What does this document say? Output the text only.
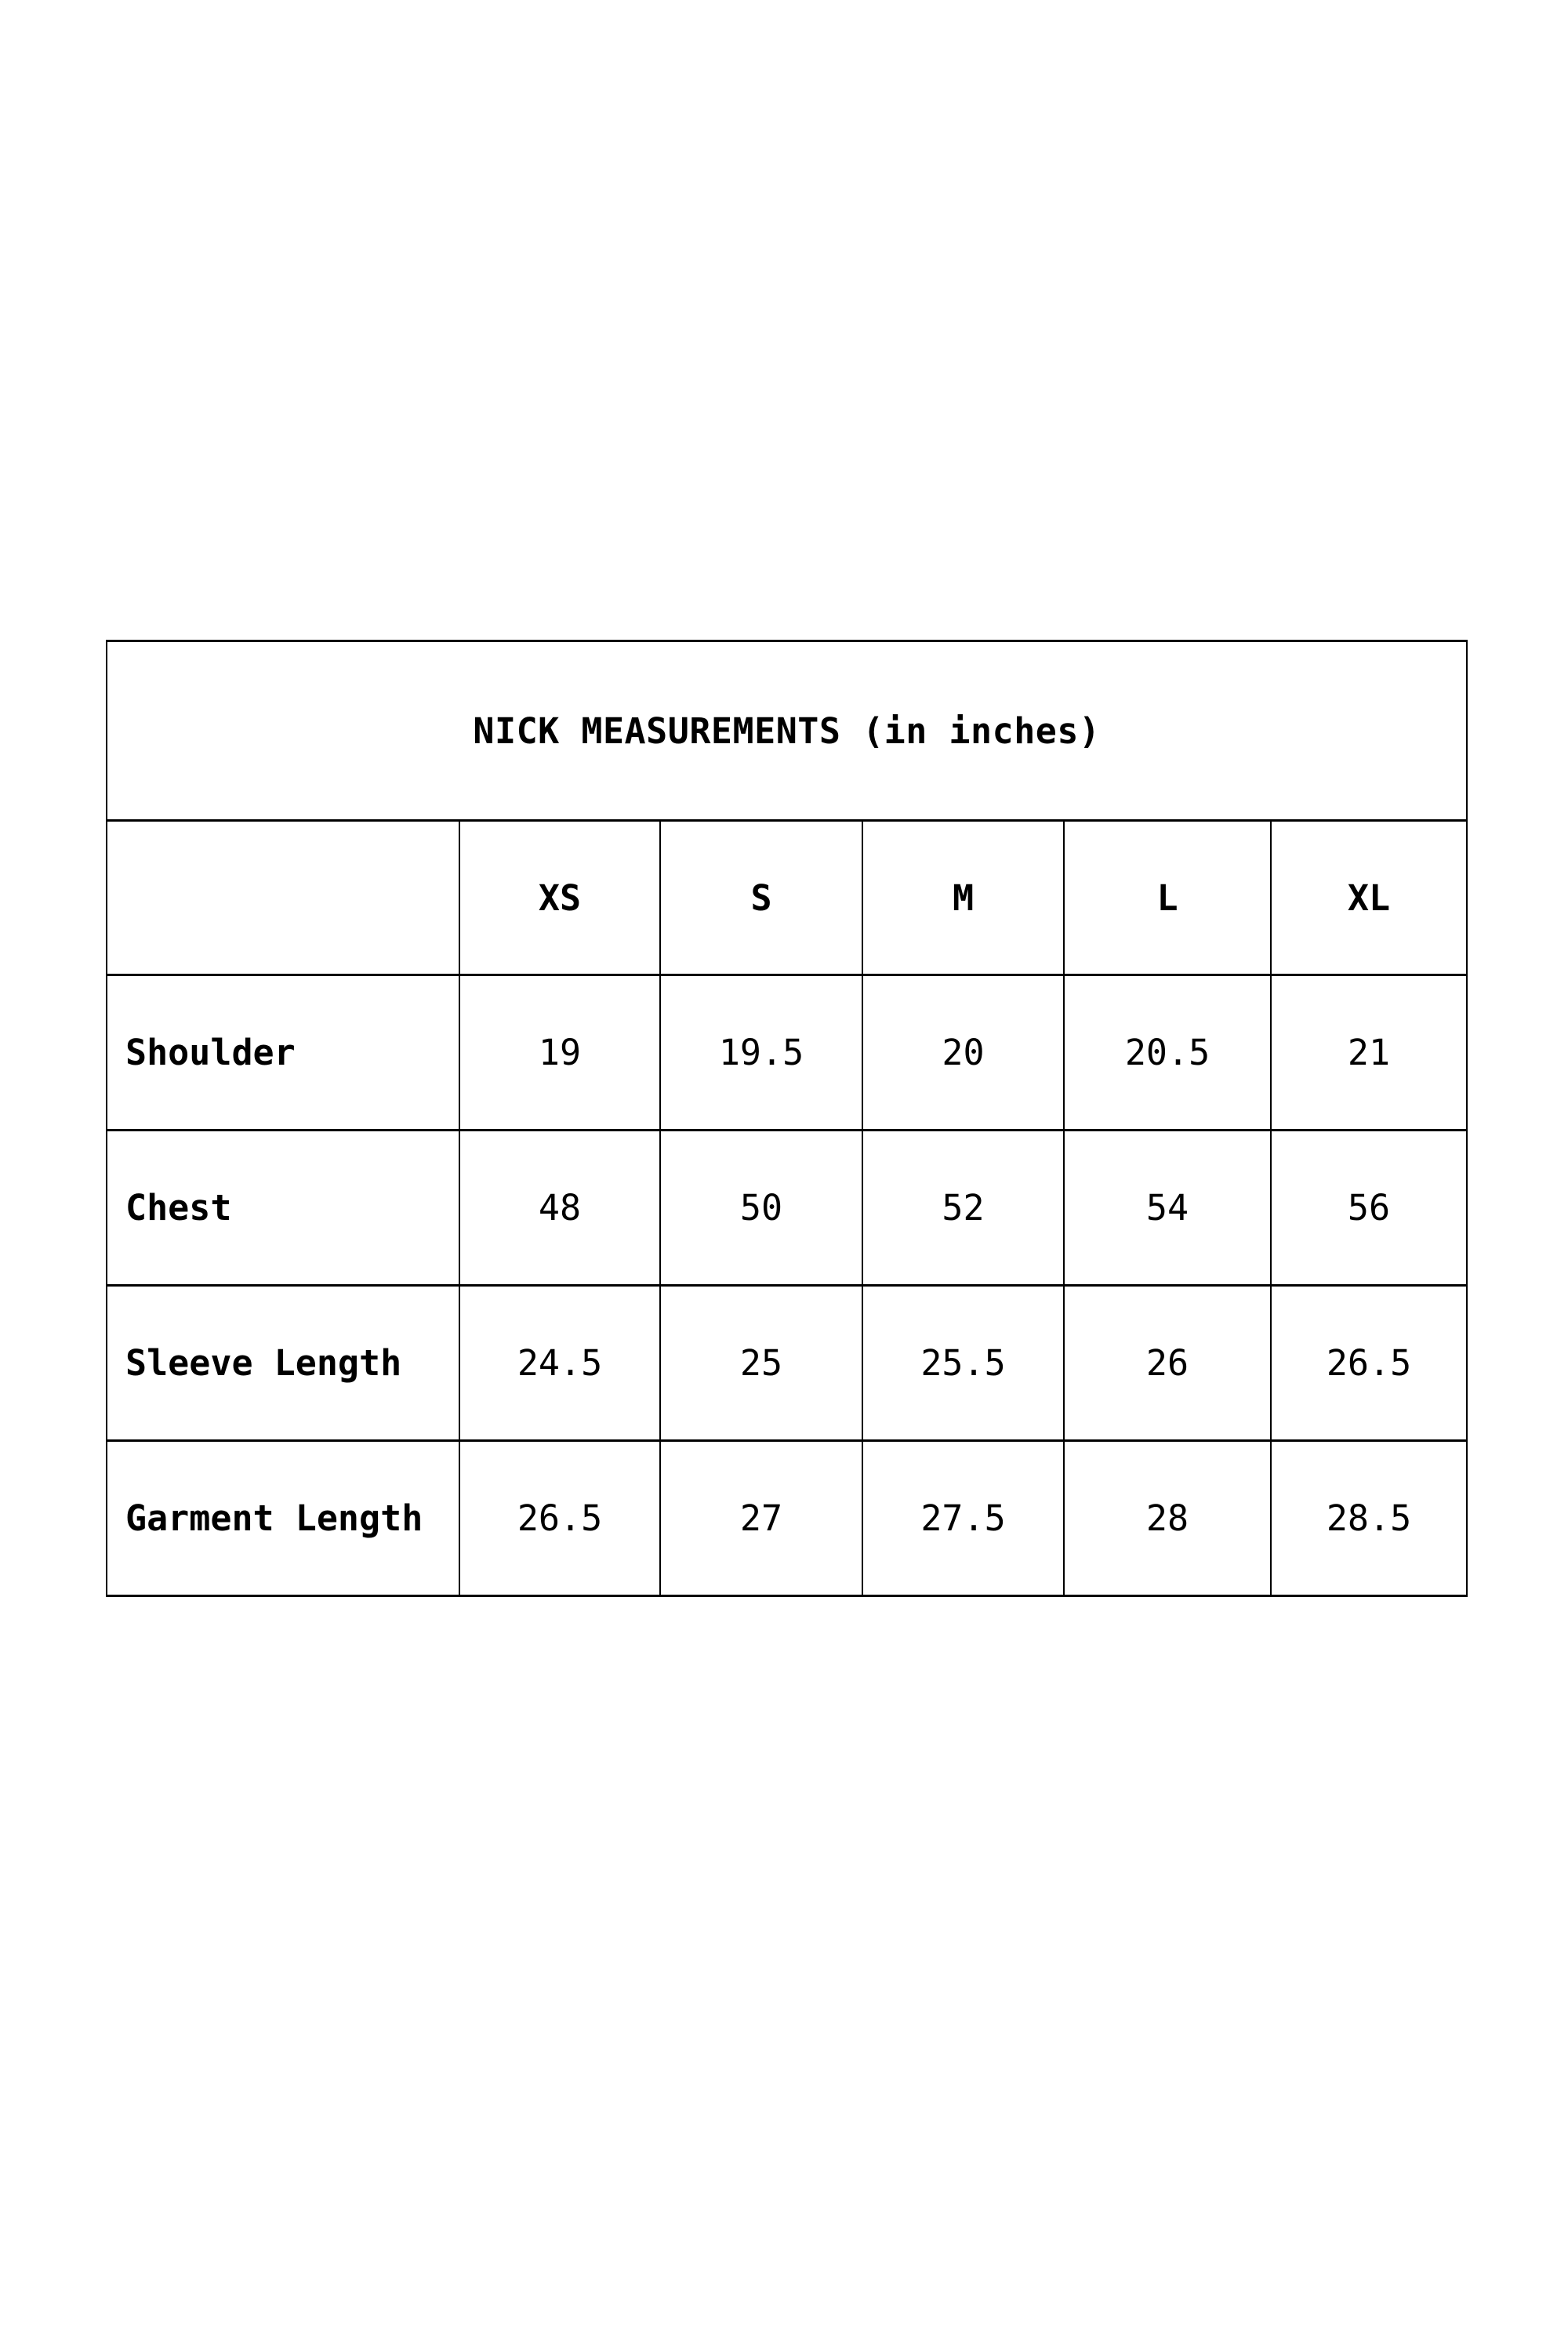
NICK MEASUREMENTS (in inches)					
	XS	S	M	L	XL
Shoulder	19	19.5	20	20.5	21
Chest	48	50	52	54	56
Sleeve Length	24.5	25	25.5	26	26.5
Garment Length	26.5	27	27.5	28	28.5
